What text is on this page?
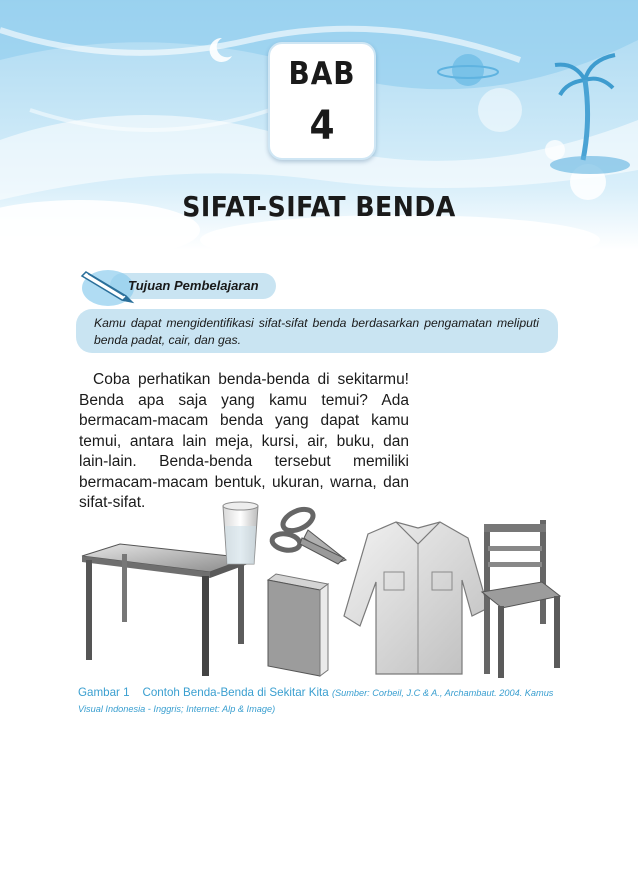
BAB
4
SIFAT-SIFAT BENDA
Tujuan Pembelajaran
Kamu dapat mengidentifikasi sifat-sifat benda berdasarkan pengamatan meliputi benda padat, cair, dan gas.

Coba perhatikan benda-benda di sekitarmu! Benda apa saja yang kamu temui? Ada bermacam-macam benda yang dapat kamu temui, antara lain meja, kursi, air, buku, dan lain-lain. Benda-benda tersebut memiliki bermacam-macam bentuk, ukuran, warna, dan sifat-sifat.

Gambar 1 Contoh Benda-Benda di Sekitar Kita (Sumber: Corbeil, J.C & A., Archambaut. 2004. Kamus Visual Indonesia - Inggris; Internet: Alp & Image)
